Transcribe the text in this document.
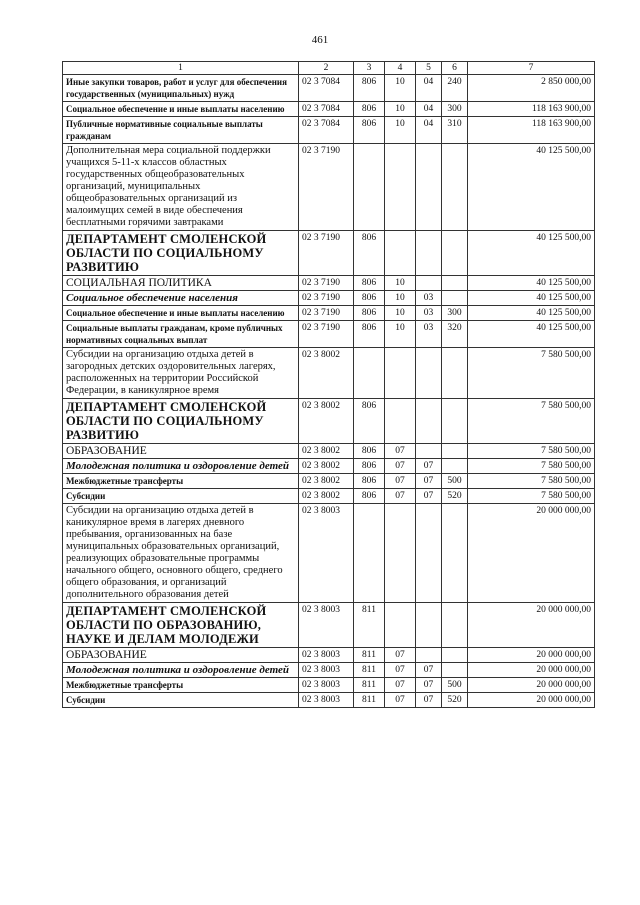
461
1	2	3	4	5	6	7
Иные закупки товаров, работ и услуг для обеспечения государственных (муниципальных) нужд	02 3 7084	806	10	04	240	2 850 000,00
Социальное обеспечение и иные выплаты населению	02 3 7084	806	10	04	300	118 163 900,00
Публичные нормативные социальные выплаты гражданам	02 3 7084	806	10	04	310	118 163 900,00
Дополнительная мера социальной поддержки учащихся 5-11-х классов областных государственных общеобразовательных организаций, муниципальных общеобразовательных организаций из малоимущих семей в виде обеспечения бесплатными горячими завтраками	02 3 7190					40 125 500,00
ДЕПАРТАМЕНТ СМОЛЕНСКОЙ ОБЛАСТИ ПО СОЦИАЛЬНОМУ РАЗВИТИЮ	02 3 7190	806				40 125 500,00
СОЦИАЛЬНАЯ ПОЛИТИКА	02 3 7190	806	10			40 125 500,00
Социальное обеспечение населения	02 3 7190	806	10	03		40 125 500,00
Социальное обеспечение и иные выплаты населению	02 3 7190	806	10	03	300	40 125 500,00
Социальные выплаты гражданам, кроме публичных нормативных социальных выплат	02 3 7190	806	10	03	320	40 125 500,00
Субсидии на организацию отдыха детей в загородных детских оздоровительных лагерях, расположенных на территории Российской Федерации, в каникулярное время	02 3 8002					7 580 500,00
ДЕПАРТАМЕНТ СМОЛЕНСКОЙ ОБЛАСТИ ПО СОЦИАЛЬНОМУ РАЗВИТИЮ	02 3 8002	806				7 580 500,00
ОБРАЗОВАНИЕ	02 3 8002	806	07			7 580 500,00
Молодежная политика и оздоровление детей	02 3 8002	806	07	07		7 580 500,00
Межбюджетные трансферты	02 3 8002	806	07	07	500	7 580 500,00
Субсидии	02 3 8002	806	07	07	520	7 580 500,00
Субсидии на организацию отдыха детей в каникулярное время в лагерях дневного пребывания, организованных на базе муниципальных образовательных организаций, реализующих образовательные программы начального общего, основного общего, среднего общего образования, и организаций дополнительного образования детей	02 3 8003					20 000 000,00
ДЕПАРТАМЕНТ СМОЛЕНСКОЙ ОБЛАСТИ ПО ОБРАЗОВАНИЮ, НАУКЕ И ДЕЛАМ МОЛОДЕЖИ	02 3 8003	811				20 000 000,00
ОБРАЗОВАНИЕ	02 3 8003	811	07			20 000 000,00
Молодежная политика и оздоровление детей	02 3 8003	811	07	07		20 000 000,00
Межбюджетные трансферты	02 3 8003	811	07	07	500	20 000 000,00
Субсидии	02 3 8003	811	07	07	520	20 000 000,00
